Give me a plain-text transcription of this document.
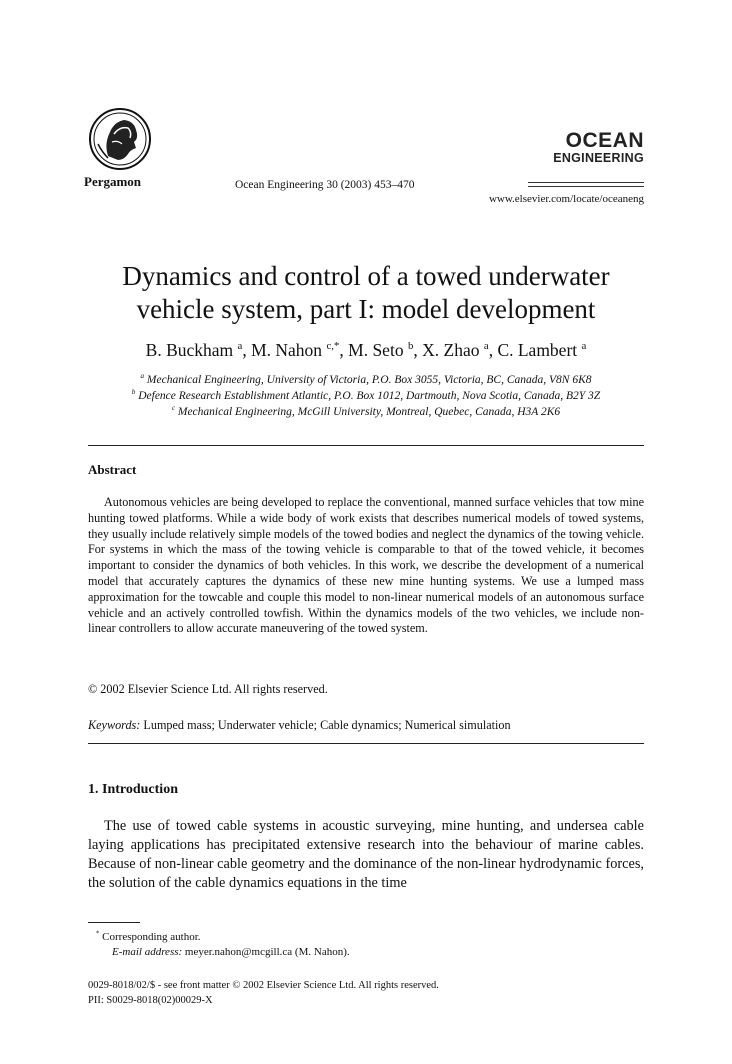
Pergamon	Ocean Engineering 30 (2003) 453–470
OCEAN
ENGINEERING
www.elsevier.com/locate/oceaneng
Dynamics and control of a towed underwater
vehicle system, part I: model development
B. Buckham $^a$, M. Nahon $^{c,*}$, M. Seto $^b$, X. Zhao $^a$, C. Lambert $^a$
$^a$ Mechanical Engineering, University of Victoria, P.O. Box 3055, Victoria, BC, Canada, V8N 6K8
$^b$ Defence Research Establishment Atlantic, P.O. Box 1012, Dartmouth, Nova Scotia, Canada, B2Y 3Z
$^c$ Mechanical Engineering, McGill University, Montreal, Quebec, Canada, H3A 2K6
Abstract

Autonomous vehicles are being developed to replace the conventional, manned surface vehicles that tow mine hunting towed platforms. While a wide body of work exists that describes numerical models of towed systems, they usually include relatively simple models of the towed bodies and neglect the dynamics of the towing vehicle. For systems in which the mass of the towing vehicle is comparable to that of the towed vehicle, it becomes important to consider the dynamics of both vehicles. In this work, we describe the development of a numerical model that accurately captures the dynamics of these new mine hunting systems. We use a lumped mass approximation for the towcable and couple this model to non-linear numerical models of an autonomous surface vehicle and an actively controlled towfish. Within the dynamics models of the two vehicles, we include non-linear controllers to allow accurate maneuvering of the towed system.

© 2002 Elsevier Science Ltd. All rights reserved.
Keywords: Lumped mass; Underwater vehicle; Cable dynamics; Numerical simulation
1. Introduction

The use of towed cable systems in acoustic surveying, mine hunting, and undersea cable laying applications has precipitated extensive research into the behaviour of marine cables. Because of non-linear cable geometry and the dominance of the non-linear hydrodynamic forces, the solution of the cable dynamics equations in the time

* Corresponding author.
E-mail address: meyer.nahon@mcgill.ca (M. Nahon).
0029-8018/02/$ - see front matter © 2002 Elsevier Science Ltd. All rights reserved.
PII: S0029-8018(02)00029-X
